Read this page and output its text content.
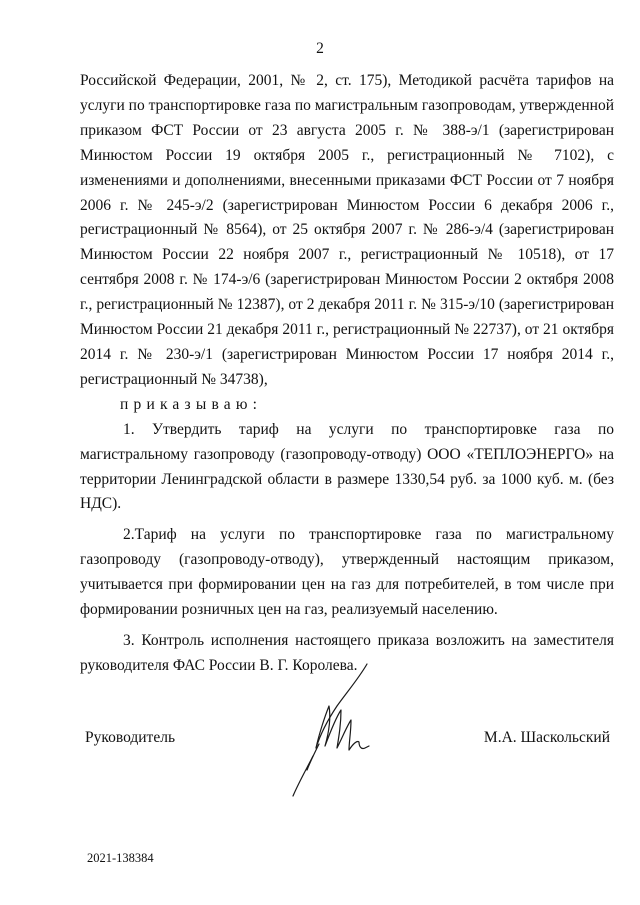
2

Российской Федерации, 2001, № 2, ст. 175), Методикой расчёта тарифов на услуги по транспортировке газа по магистральным газопроводам, утвержденной приказом ФСТ России от 23 августа 2005 г. № 388-э/1 (зарегистрирован Минюстом России 19 октября 2005 г., регистрационный № 7102), с изменениями и дополнениями, внесенными приказами ФСТ России от 7 ноября 2006 г. № 245-э/2 (зарегистрирован Минюстом России 6 декабря 2006 г., регистрационный № 8564), от 25 октября 2007 г. № 286-э/4 (зарегистрирован Минюстом России 22 ноября 2007 г., регистрационный № 10518), от 17 сентября 2008 г. № 174-э/6 (зарегистрирован Минюстом России 2 октября 2008 г., регистрационный № 12387), от 2 декабря 2011 г. № 315-э/10 (зарегистрирован Минюстом России 21 декабря 2011 г., регистрационный № 22737), от 21 октября 2014 г. № 230-э/1 (зарегистрирован Минюстом России 17 ноября 2014 г., регистрационный № 34738),

приказываю:

1. Утвердить тариф на услуги по транспортировке газа по магистральному газопроводу (газопроводу-отводу) ООО «ТЕПЛОЭНЕРГО» на территории Ленинградской области в размере 1330,54 руб. за 1000 куб. м. (без НДС).

2.Тариф на услуги по транспортировке газа по магистральному газопроводу (газопроводу-отводу), утвержденный настоящим приказом, учитывается при формировании цен на газ для потребителей, в том числе при формировании розничных цен на газ, реализуемый населению.

3. Контроль исполнения настоящего приказа возложить на заместителя руководителя ФАС России В. Г. Королева.

Руководитель	М.А. Шаскольский
2021-138384
